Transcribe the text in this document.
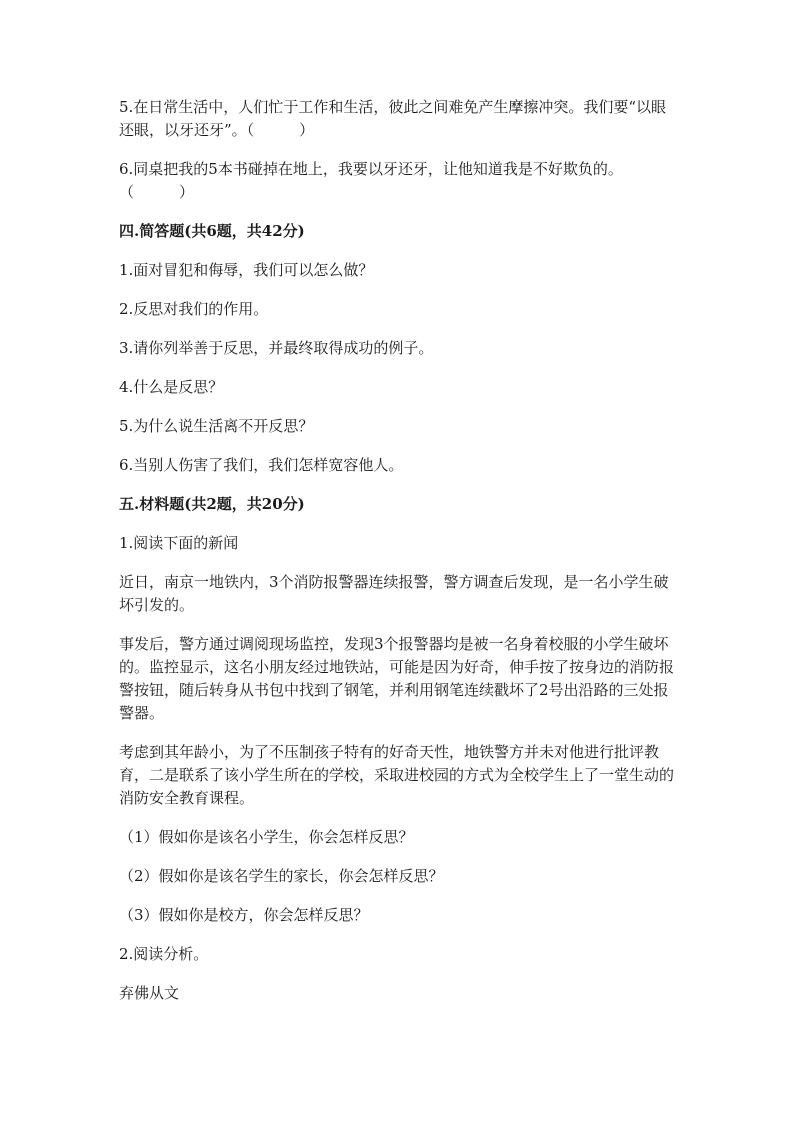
5.在日常生活中，人们忙于工作和生活，彼此之间难免产生摩擦冲突。我们要“以眼还眼，以牙还牙”。（　　　）

6.同桌把我的5本书碰掉在地上，我要以牙还牙，让他知道我是不好欺负的。（　　　）

四.简答题(共6题，共42分)

1.面对冒犯和侮辱，我们可以怎么做？

2.反思对我们的作用。

3.请你列举善于反思，并最终取得成功的例子。

4.什么是反思？

5.为什么说生活离不开反思？

6.当别人伤害了我们，我们怎样宽容他人。

五.材料题(共2题，共20分)

1.阅读下面的新闻

近日，南京一地铁内，3个消防报警器连续报警，警方调查后发现，是一名小学生破坏引发的。

事发后，警方通过调阅现场监控，发现3个报警器均是被一名身着校服的小学生破坏的。监控显示，这名小朋友经过地铁站，可能是因为好奇，伸手按了按身边的消防报警按钮，随后转身从书包中找到了钢笔，并利用钢笔连续戳坏了2号出沿路的三处报警器。

考虑到其年龄小，为了不压制孩子特有的好奇天性，地铁警方并未对他进行批评教育，二是联系了该小学生所在的学校，采取进校园的方式为全校学生上了一堂生动的消防安全教育课程。

（1）假如你是该名小学生，你会怎样反思？

（2）假如你是该名学生的家长，你会怎样反思？

（3）假如你是校方，你会怎样反思？

2.阅读分析。

弃佛从文
